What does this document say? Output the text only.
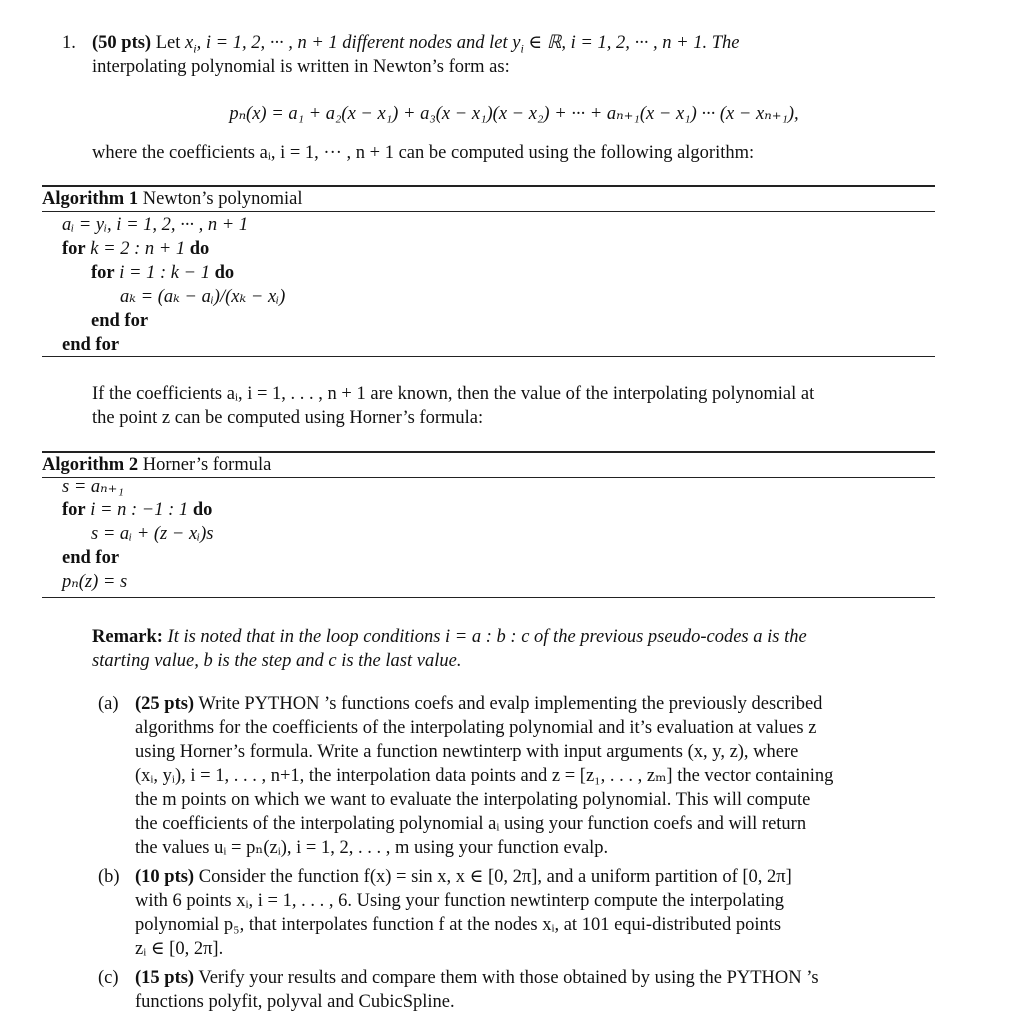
1. (50 pts) Let $x_i$, i = 1, 2, ··· , n + 1 different nodes and let $y_i$ ∈ ℝ, i = 1, 2, ··· , n + 1. The
interpolating polynomial is written in Newton’s form as:
pₙ(x) = a₁ + a₂(x − x₁) + a₃(x − x₁)(x − x₂) + ··· + aₙ₊₁(x − x₁) ··· (x − xₙ₊₁),
where the coefficients aᵢ, i = 1, ··· , n + 1 can be computed using the following algorithm:
Algorithm 1 Newton’s polynomial
aᵢ = yᵢ, i = 1, 2, ··· , n + 1
for k = 2 : n + 1 do
for i = 1 : k − 1 do
aₖ = (aₖ − aᵢ)/(xₖ − xᵢ)
end for
end for
If the coefficients aᵢ, i = 1, . . . , n + 1 are known, then the value of the interpolating polynomial at
the point z can be computed using Horner’s formula:
Algorithm 2 Horner’s formula
s = aₙ₊₁
for i = n : −1 : 1 do
s = aᵢ + (z − xᵢ)s
end for
pₙ(z) = s
Remark: It is noted that in the loop conditions i = a : b : c of the previous pseudo-codes a is the
starting value, b is the step and c is the last value.
(a) (25 pts) Write PYTHON ’s functions coefs and evalp implementing the previously described
algorithms for the coefficients of the interpolating polynomial and it’s evaluation at values z
using Horner’s formula. Write a function newtinterp with input arguments (x, y, z), where
(xᵢ, yᵢ), i = 1, . . . , n+1, the interpolation data points and z = [z₁, . . . , zₘ] the vector containing
the m points on which we want to evaluate the interpolating polynomial. This will compute
the coefficients of the interpolating polynomial aᵢ using your function coefs and will return
the values uᵢ = pₙ(zᵢ), i = 1, 2, . . . , m using your function evalp.
(b) (10 pts) Consider the function f(x) = sin x, x ∈ [0, 2π], and a uniform partition of [0, 2π]
with 6 points xᵢ, i = 1, . . . , 6. Using your function newtinterp compute the interpolating
polynomial p₅, that interpolates function f at the nodes xᵢ, at 101 equi-distributed points
zᵢ ∈ [0, 2π].
(c) (15 pts) Verify your results and compare them with those obtained by using the PYTHON ’s
functions polyfit, polyval and CubicSpline.
